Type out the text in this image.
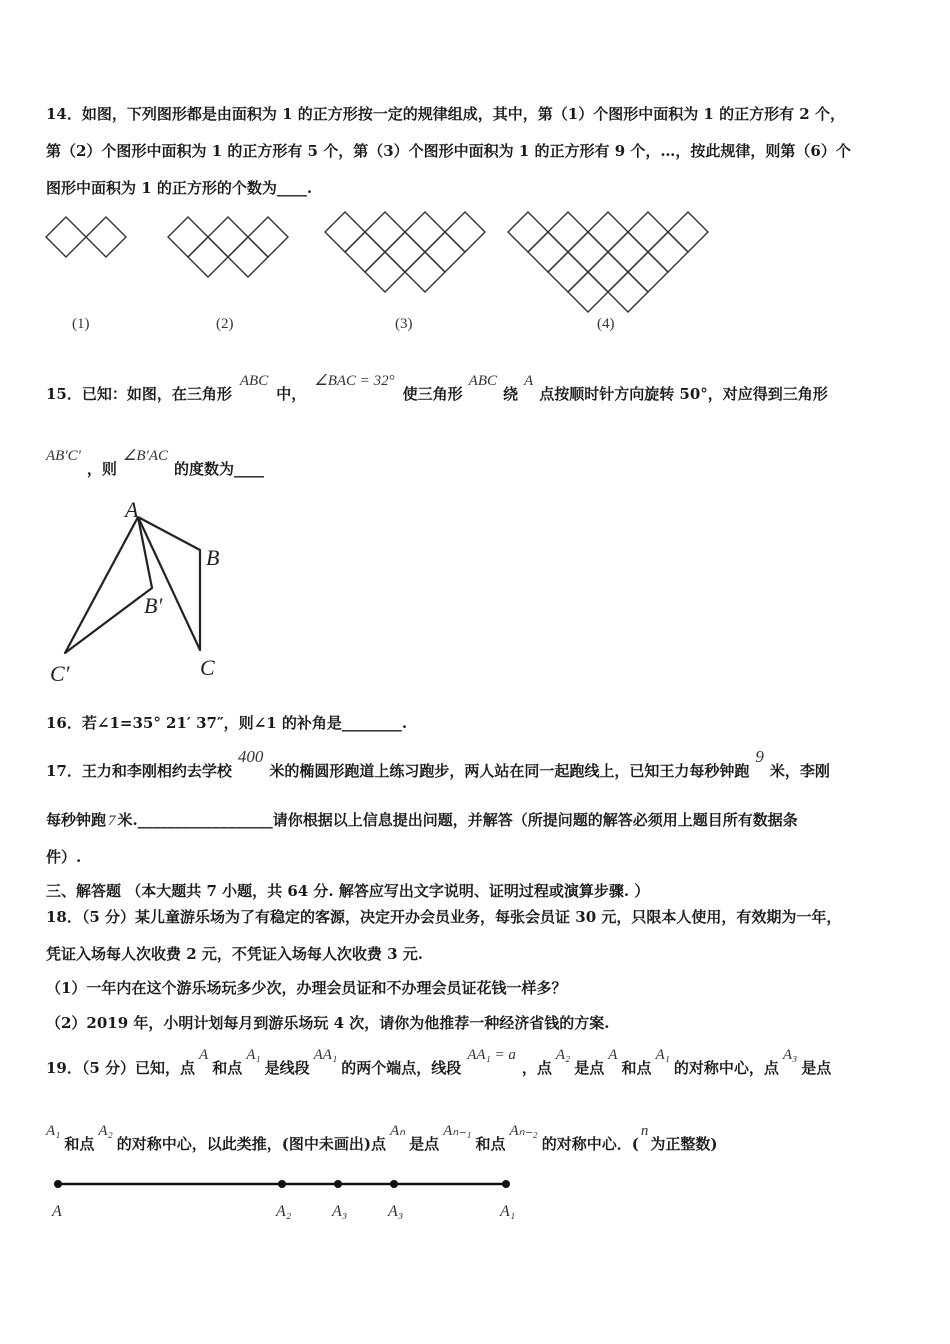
14．如图，下列图形都是由面积为 1 的正方形按一定的规律组成，其中，第（1）个图形中面积为 1 的正方形有 2 个，
第（2）个图形中面积为 1 的正方形有 5 个，第（3）个图形中面积为 1 的正方形有 9 个，…，按此规律，则第（6）个
图形中面积为 1 的正方形的个数为____.
(1)	(2)	(3)	(4)
15．已知：如图，在三角形ABC中，∠BAC = 32°使三角形ABC绕A点按顺时针方向旋转 50°，对应得到三角形
AB′C′，则∠B′AC的度数为____
A
B
B′
C
C′
16．若∠1=35° 21′ 37″，则∠1 的补角是________.
17．王力和李刚相约去学校400米的椭圆形跑道上练习跑步，两人站在同一起跑线上，已知王力每秒钟跑9米，李刚
每秒钟跑 7 米.__________________请你根据以上信息提出问题，并解答（所提问题的解答必须用上题目所有数据条
件）.
三、解答题 （本大题共 7 小题，共 64 分. 解答应写出文字说明、证明过程或演算步骤. ）
18．（5 分）某儿童游乐场为了有稳定的客源，决定开办会员业务，每张会员证 30 元，只限本人使用，有效期为一年，
凭证入场每人次收费 2 元，不凭证入场每人次收费 3 元.
（1）一年内在这个游乐场玩多少次，办理会员证和不办理会员证花钱一样多？
（2）2019 年，小明计划每月到游乐场玩 4 次，请你为他推荐一种经济省钱的方案.
19．（5 分）已知，点A和点A₁是线段AA₁的两个端点，线段AA₁ = a，点A₂是点A和点A₁的对称中心，点A₃是点
A₁和点A₂的对称中心，以此类推，(图中未画出)点Aₙ是点Aₙ₋₁和点Aₙ₋₂的对称中心．(n为正整数)
A	A₂	A₃	A₃	A₁
